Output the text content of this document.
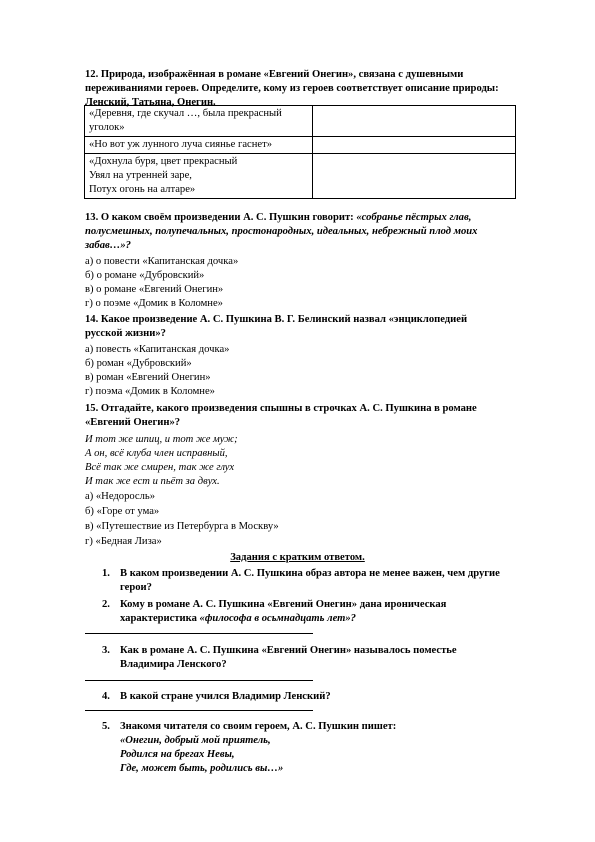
12. Природа, изображённая в романе «Евгений Онегин», связана с душевными переживаниями героев. Определите, кому из героев соответствует описание природы: Ленский, Татьяна, Онегин.
«Деревня, где скучал …, была прекрасный
уголок»	

«Но вот уж лунного луча сиянье гаснет»	

«Дохнула буря, цвет прекрасный
Увял на утренней заре,
Потух огонь на алтаре»	

13. О каком своём произведении А. С. Пушкин говорит: «собранье пёстрых глав,
полусмешных, полупечальных, простонародных, идеальных, небрежный плод моих
забав…»?
а) о повести «Капитанская дочка»
б) о романе «Дубровский»
в) о романе «Евгений Онегин»
г) о поэме «Домик в Коломне»
14. Какое произведение А. С. Пушкина В. Г. Белинский назвал «энциклопедией
русской жизни»?
а) повесть «Капитанская дочка»
б) роман «Дубровский»
в) роман «Евгений Онегин»
г) поэма «Домик в Коломне»
15. Отгадайте, какого произведения спышны в строчках А. С. Пушкина в романе
«Евгений Онегин»?
И тот же шпиц, и тот же муж;
А он, всё клуба член исправный,
Всё так же смирен, так же глух
И так же ест и пьёт за двух.
а) «Недоросль»
б) «Горе от ума»
в) «Путешествие из Петербурга в Москву»
г) «Бедная Лиза»
Задания с кратким ответом.
1. В каком произведении А. С. Пушкина образ автора не менее важен, чем другие
герои?
2. Кому в романе А. С. Пушкина «Евгений Онегин» дана ироническая
характеристика «философа в осьмнадцать лет»?
3. Как в романе А. С. Пушкина «Евгений Онегин» называлось поместье
Владимира Ленского?
4. В какой стране учился Владимир Ленский?
5. Знакомя читателя со своим героем, А. С. Пушкин пишет:
«Онегин, добрый мой приятель,
Родился на брегах Невы,
Где, может быть, родились вы…»
